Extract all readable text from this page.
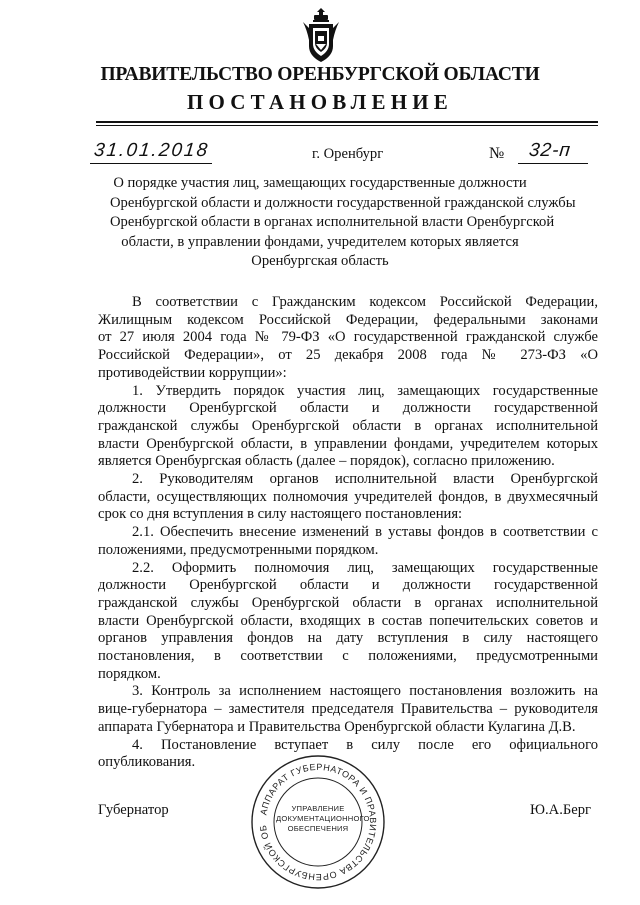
ПРАВИТЕЛЬСТВО ОРЕНБУРГСКОЙ ОБЛАСТИ
ПОСТАНОВЛЕНИЕ
31.01.2018	г. Оренбург	№ 32-п
О порядке участия лиц, замещающих государственные должности
Оренбургской области и должности государственной гражданской службы
Оренбургской области в органах исполнительной власти Оренбургской
области, в управлении фондами, учредителем которых является
Оренбургская область

В соответствии с Гражданским кодексом Российской Федерации,

Жилищным кодексом Российской Федерации, федеральными законами

от 27 июля 2004 года № 79-ФЗ «О государственной гражданской службе

Российской Федерации», от 25 декабря 2008 года № 273-ФЗ «О

противодействии коррупции»:

1. Утвердить порядок участия лиц, замещающих государственные

должности Оренбургской области и должности государственной

гражданской службы Оренбургской области в органах исполнительной

власти Оренбургской области, в управлении фондами, учредителем которых

является Оренбургская область (далее – порядок), согласно приложению.

2. Руководителям органов исполнительной власти Оренбургской

области, осуществляющих полномочия учредителей фондов, в двухмесячный

срок со дня вступления в силу настоящего постановления:

2.1. Обеспечить внесение изменений в уставы фондов в соответствии с

положениями, предусмотренными порядком.

2.2. Оформить полномочия лиц, замещающих государственные

должности Оренбургской области и должности государственной

гражданской службы Оренбургской области в органах исполнительной

власти Оренбургской области, входящих в состав попечительских советов и

органов управления фондов на дату вступления в силу настоящего

постановления, в соответствии с положениями, предусмотренными

порядком.

3. Контроль за исполнением настоящего постановления возложить на

вице-губернатора – заместителя председателя Правительства – руководителя

аппарата Губернатора и Правительства Оренбургской области Кулагина Д.В.

4. Постановление вступает в силу после его официального

опубликования.

Губернатор	Ю.А.Берг
АППАРАТ ГУБЕРНАТОРА И ПРАВИТЕЛЬСТВА ОРЕНБУРГСКОЙ ОБ
УПРАВЛЕНИЕ
ДОКУМЕНТАЦИОННОГО
ОБЕСПЕЧЕНИЯ
